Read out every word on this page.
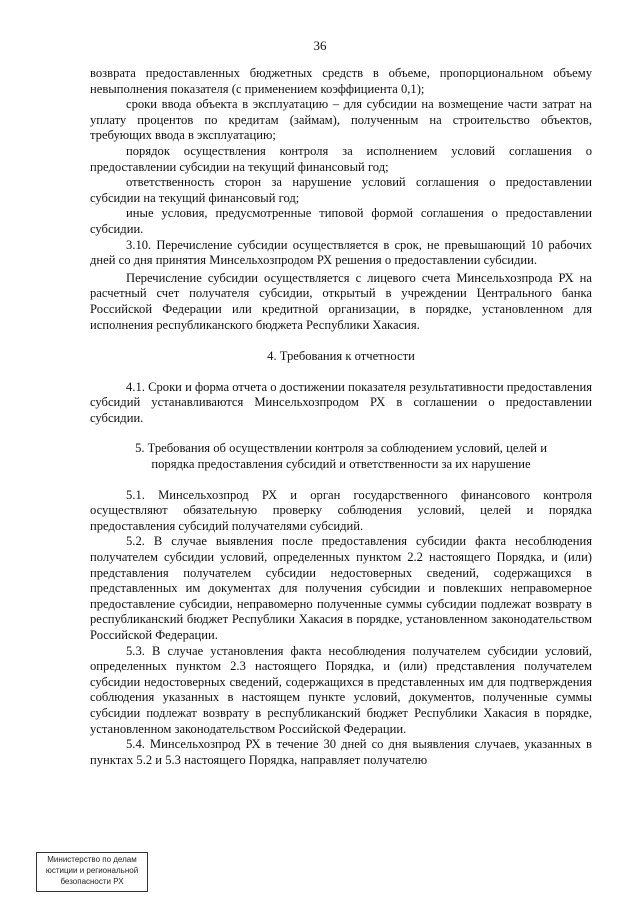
36

возврата предоставленных бюджетных средств в объеме, пропорциональном объему невыполнения показателя (с применением коэффициента 0,1);

сроки ввода объекта в эксплуатацию – для субсидии на возмещение части затрат на уплату процентов по кредитам (займам), полученным на строительство объектов, требующих ввода в эксплуатацию;

порядок осуществления контроля за исполнением условий соглашения о предоставлении субсидии на текущий финансовый год;

ответственность сторон за нарушение условий соглашения о предоставлении субсидии на текущий финансовый год;

иные условия, предусмотренные типовой формой соглашения о предоставлении субсидии.

3.10. Перечисление субсидии осуществляется в срок, не превышающий 10 рабочих дней со дня принятия Минсельхозпродом РХ решения о предоставлении субсидии.

Перечисление субсидии осуществляется с лицевого счета Минсельхозпрода РХ на расчетный счет получателя субсидии, открытый в учреждении Центрального банка Российской Федерации или кредитной организации, в порядке, установленном для исполнения республиканского бюджета Республики Хакасия.

4. Требования к отчетности

4.1. Сроки и форма отчета о достижении показателя результативности предоставления субсидий устанавливаются Минсельхозпродом РХ в соглашении о предоставлении субсидии.

5. Требования об осуществлении контроля за соблюдением условий, целей и
порядка предоставления субсидий и ответственности за их нарушение

5.1. Минсельхозпрод РХ и орган государственного финансового контроля осуществляют обязательную проверку соблюдения условий, целей и порядка предоставления субсидий получателями субсидий.

5.2. В случае выявления после предоставления субсидии факта несоблюдения получателем субсидии условий, определенных пунктом 2.2 настоящего Порядка, и (или) представления получателем субсидии недостоверных сведений, содержащихся в представленных им документах для получения субсидии и повлекших неправомерное предоставление субсидии, неправомерно полученные суммы субсидии подлежат возврату в республиканский бюджет Республики Хакасия в порядке, установленном законодательством Российской Федерации.

5.3. В случае установления факта несоблюдения получателем субсидии условий, определенных пунктом 2.3 настоящего Порядка, и (или) представления получателем субсидии недостоверных сведений, содержащихся в представленных им для подтверждения соблюдения указанных в настоящем пункте условий, документов, полученные суммы субсидии подлежат возврату в республиканский бюджет Республики Хакасия в порядке, установленном законодательством Российской Федерации.

5.4. Минсельхозпрод РХ в течение 30 дней со дня выявления случаев, указанных в пунктах 5.2 и 5.3 настоящего Порядка, направляет получателю

Министерство по делам
юстиции и региональной
безопасности РХ
